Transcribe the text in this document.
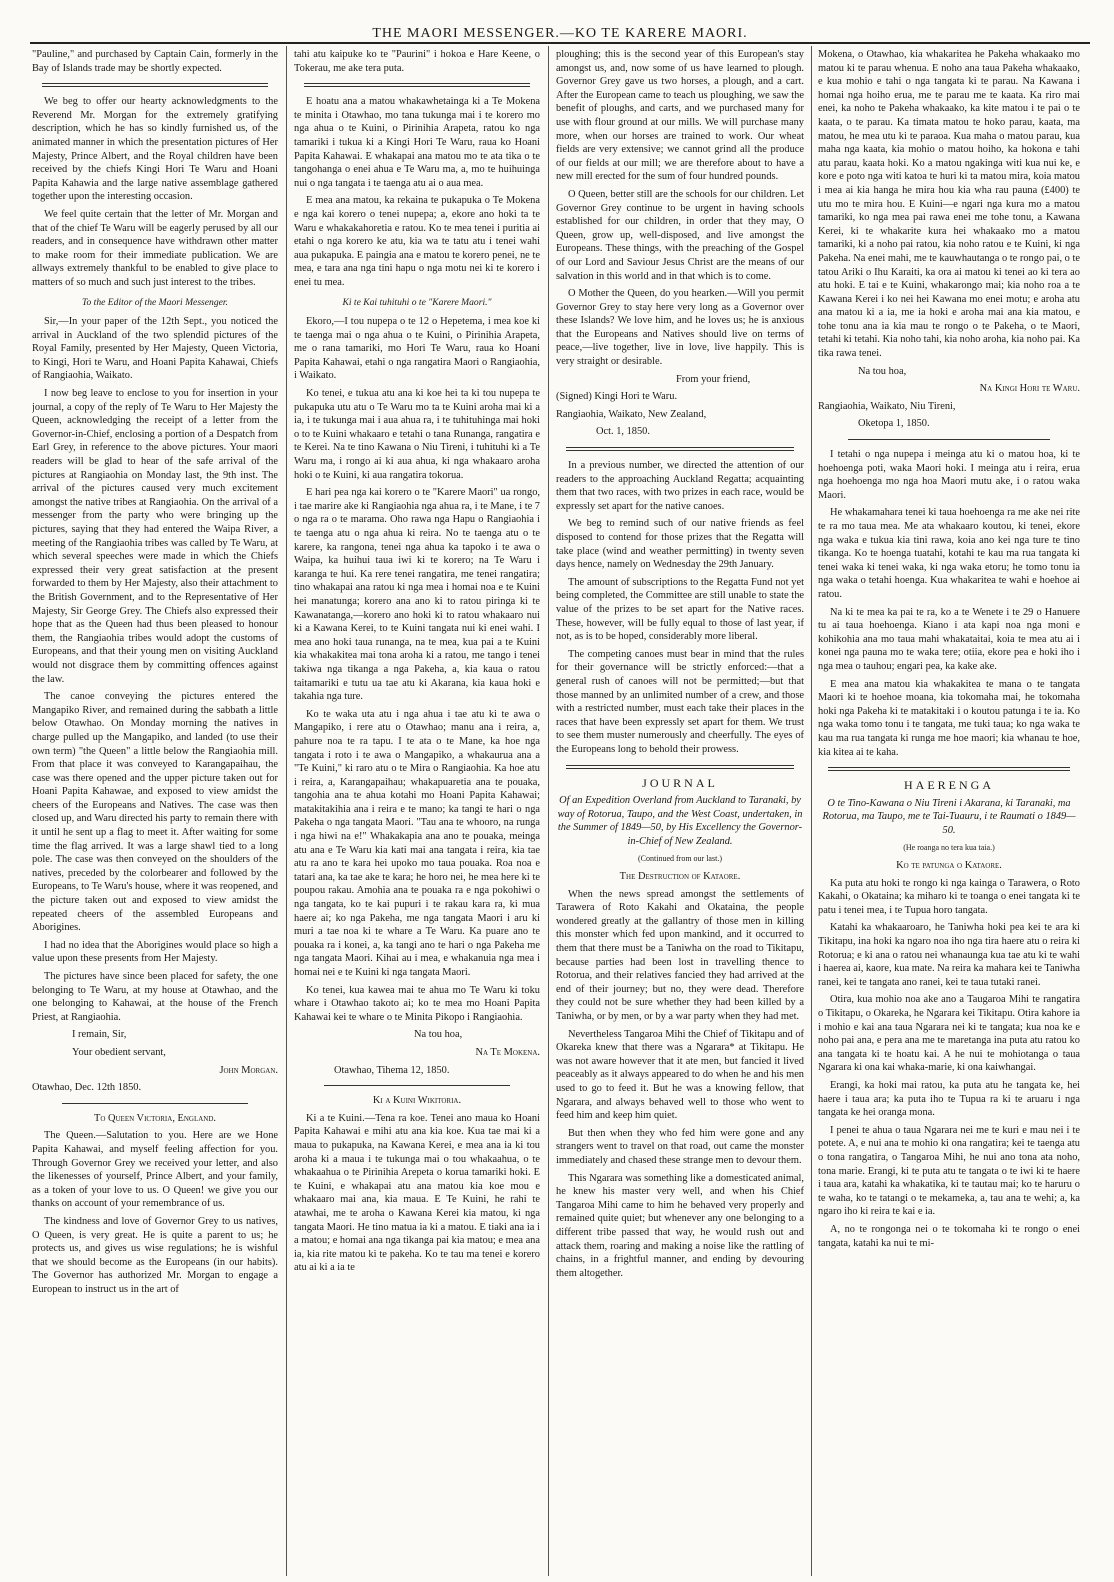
THE MAORI MESSENGER.—KO TE KARERE MAORI.

"Pauline," and purchased by Captain Cain, formerly in the Bay of Islands trade may be shortly expected.

We beg to offer our hearty acknowledgments to the Reverend Mr. Morgan for the extremely gratifying description, which he has so kindly furnished us, of the animated manner in which the presentation pictures of Her Majesty, Prince Albert, and the Royal children have been received by the chiefs Kingi Hori Te Waru and Hoani Papita Kahawia and the large native assemblage gathered together upon the interesting occasion.

We feel quite certain that the letter of Mr. Morgan and that of the chief Te Waru will be eagerly perused by all our readers, and in consequence have withdrawn other matter to make room for their immediate publication. We are allways extremely thankful to be enabled to give place to matters of so much and such just interest to the tribes.

To the Editor of the Maori Messenger.

Sir,—In your paper of the 12th Sept., you noticed the arrival in Auckland of the two splendid pictures of the Royal Family, presented by Her Majesty, Queen Victoria, to Kingi, Hori te Waru, and Hoani Papita Kahawai, Chiefs of Rangiaohia, Waikato.

I now beg leave to enclose to you for insertion in your journal, a copy of the reply of Te Waru to Her Majesty the Queen, acknowledging the receipt of a letter from the Governor-in-Chief, enclosing a portion of a Despatch from Earl Grey, in reference to the above pictures. Your maori readers will be glad to hear of the safe arrival of the pictures at Rangiaohia on Monday last, the 9th inst. The arrival of the pictures caused very much excitement amongst the native tribes at Rangiaohia. On the arrival of a messenger from the party who were bringing up the pictures, saying that they had entered the Waipa River, a meeting of the Rangiaohia tribes was called by Te Waru, at which several speeches were made in which the Chiefs expressed their very great satisfaction at the present forwarded to them by Her Majesty, also their attachment to the British Government, and to the Representative of Her Majesty, Sir George Grey. The Chiefs also expressed their hope that as the Queen had thus been pleased to honour them, the Rangiaohia tribes would adopt the customs of Europeans, and that their young men on visiting Auckland would not disgrace them by committing offences against the law.

The canoe conveying the pictures entered the Mangapiko River, and remained during the sabbath a little below Otawhao. On Monday morning the natives in charge pulled up the Mangapiko, and landed (to use their own term) "the Queen" a little below the Rangiaohia mill. From that place it was conveyed to Karangapaihau, the case was there opened and the upper picture taken out for Hoani Papita Kahawae, and exposed to view amidst the cheers of the Europeans and Natives. The case was then closed up, and Waru directed his party to remain there with it until he sent up a flag to meet it. After waiting for some time the flag arrived. It was a large shawl tied to a long pole. The case was then conveyed on the shoulders of the natives, preceded by the colorbearer and followed by the Europeans, to Te Waru's house, where it was reopened, and the picture taken out and exposed to view amidst the repeated cheers of the assembled Europeans and Aborigines.

I had no idea that the Aborigines would place so high a value upon these presents from Her Majesty.

The pictures have since been placed for safety, the one belonging to Te Waru, at my house at Otawhao, and the one belonging to Kahawai, at the house of the French Priest, at Rangiaohia.

I remain, Sir,

Your obedient servant,

John Morgan.

Otawhao, Dec. 12th 1850.

To Queen Victoria, England.

The Queen.—Salutation to you. Here are we Hone Papita Kahawai, and myself feeling affection for you. Through Governor Grey we received your letter, and also the likenesses of yourself, Prince Albert, and your family, as a token of your love to us. O Queen! we give you our thanks on account of your remembrance of us.

The kindness and love of Governor Grey to us natives, O Queen, is very great. He is quite a parent to us; he protects us, and gives us wise regulations; he is wishful that we should become as the Europeans (in our habits). The Governor has authorized Mr. Morgan to engage a European to instruct us in the art of

tahi atu kaipuke ko te "Paurini" i hokoa e Hare Keene, o Tokerau, me ake tera puta.

E hoatu ana a matou whakawhetainga ki a Te Mokena te minita i Otawhao, mo tana tukunga mai i te korero mo nga ahua o te Kuini, o Pirinihia Arapeta, ratou ko nga tamariki i tukua ki a Kingi Hori Te Waru, raua ko Hoani Papita Kahawai. E whakapai ana matou mo te ata tika o te tangohanga o enei ahua e Te Waru ma, a, mo te huihuinga nui o nga tangata i te taenga atu ai o aua mea.

E mea ana matou, ka rekaina te pukapuka o Te Mokena e nga kai korero o tenei nupepa; a, ekore ano hoki ta te Waru e whakakahoretia e ratou. Ko te mea tenei i puritia ai etahi o nga korero ke atu, kia wa te tatu atu i tenei wahi aua pukapuka. E paingia ana e matou te korero penei, ne te mea, e tara ana nga tini hapu o nga motu nei ki te korero i enei tu mea.

Ki te Kai tuhituhi o te "Karere Maori."

Ekoro,—I tou nupepa o te 12 o Hepetema, i mea koe ki te taenga mai o nga ahua o te Kuini, o Pirinihia Arapeta, me o rana tamariki, mo Hori Te Waru, raua ko Hoani Papita Kahawai, etahi o nga rangatira Maori o Rangiaohia, i Waikato.

Ko tenei, e tukua atu ana ki koe hei ta ki tou nupepa te pukapuka utu atu o Te Waru mo ta te Kuini aroha mai ki a ia, i te tukunga mai i aua ahua ra, i te tuhituhinga mai hoki o to te Kuini whakaaro e tetahi o tana Runanga, rangatira e te Kerei. Na te tino Kawana o Niu Tireni, i tuhituhi ki a Te Waru ma, i rongo ai ki aua ahua, ki nga whakaaro aroha hoki o te Kuini, ki aua rangatira tokorua.

E hari pea nga kai korero o te "Karere Maori" ua rongo, i tae marire ake ki Rangiaohia nga ahua ra, i te Mane, i te 7 o nga ra o te marama. Oho rawa nga Hapu o Rangiaohia i te taenga atu o nga ahua ki reira. No te taenga atu o te karere, ka rangona, tenei nga ahua ka tapoko i te awa o Waipa, ka huihui taua iwi ki te korero; na Te Waru i karanga te hui. Ka rere tenei rangatira, me tenei rangatira; tino whakapai ana ratou ki nga mea i homai noa e te Kuini hei manatunga; korero ana ano ki to ratou piringa ki te Kawanatanga,—korero ano hoki ki to ratou whakaaro nui ki a Kawana Kerei, to te Kuini tangata nui ki enei wahi. I mea ano hoki taua runanga, na te mea, kua pai a te Kuini kia whakakitea mai tona aroha ki a ratou, me tango i tenei takiwa nga tikanga a nga Pakeha, a, kia kaua o ratou taitamariki e tutu ua tae atu ki Akarana, kia kaua hoki e takahia nga ture.

Ko te waka uta atu i nga ahua i tae atu ki te awa o Mangapiko, i rere atu o Otawhao; manu ana i reira, a, pahure noa te ra tapu. I te ata o te Mane, ka hoe nga tangata i roto i te awa o Mangapiko, a whakaurua ana a "Te Kuini," ki raro atu o te Mira o Rangiaohia. Ka hoe atu i reira, a, Karangapaihau; whakapuaretia ana te pouaka, tangohia ana te ahua kotahi mo Hoani Papita Kahawai; matakitakihia ana i reira e te mano; ka tangi te hari o nga Pakeha o nga tangata Maori. "Tau ana te whooro, na runga i nga hiwi na e!" Whakakapia ana ano te pouaka, meinga atu ana e Te Waru kia kati mai ana tangata i reira, kia tae atu ra ano te kara hei upoko mo taua pouaka. Roa noa e tatari ana, ka tae ake te kara; he horo nei, he mea here ki te poupou rakau. Amohia ana te pouaka ra e nga pokohiwi o nga tangata, ko te kai pupuri i te rakau kara ra, ki mua haere ai; ko nga Pakeha, me nga tangata Maori i aru ki muri a tae noa ki te whare a Te Waru. Ka puare ano te pouaka ra i konei, a, ka tangi ano te hari o nga Pakeha me nga tangata Maori. Kihai au i mea, e whakanuia nga mea i homai nei e te Kuini ki nga tangata Maori.

Ko tenei, kua kawea mai te ahua mo Te Waru ki toku whare i Otawhao takoto ai; ko te mea mo Hoani Papita Kahawai kei te whare o te Minita Pikopo i Rangiaohia.

Na tou hoa,

Na Te Mokena.

Otawhao, Tihema 12, 1850.

Ki a Kuini Wikitoria.

Ki a te Kuini.—Tena ra koe. Tenei ano maua ko Hoani Papita Kahawai e mihi atu ana kia koe. Kua tae mai ki a maua to pukapuka, na Kawana Kerei, e mea ana ia ki tou aroha ki a maua i te tukunga mai o tou whakaahua, o te whakaahua o te Pirinihia Arepeta o korua tamariki hoki. E te Kuini, e whakapai atu ana matou kia koe mou e whakaaro mai ana, kia maua. E Te Kuini, he rahi te atawhai, me te aroha o Kawana Kerei kia matou, ki nga tangata Maori. He tino matua ia ki a matou. E tiaki ana ia i a matou; e homai ana nga tikanga pai kia matou; e mea ana ia, kia rite matou ki te pakeha. Ko te tau ma tenei e korero atu ai ki a ia te

ploughing; this is the second year of this European's stay amongst us, and, now some of us have learned to plough. Governor Grey gave us two horses, a plough, and a cart. After the European came to teach us ploughing, we saw the benefit of ploughs, and carts, and we purchased many for use with flour ground at our mills. We will purchase many more, when our horses are trained to work. Our wheat fields are very extensive; we cannot grind all the produce of our fields at our mill; we are therefore about to have a new mill erected for the sum of four hundred pounds.

O Queen, better still are the schools for our children. Let Governor Grey continue to be urgent in having schools established for our children, in order that they may, O Queen, grow up, well-disposed, and live amongst the Europeans. These things, with the preaching of the Gospel of our Lord and Saviour Jesus Christ are the means of our salvation in this world and in that which is to come.

O Mother the Queen, do you hearken.—Will you permit Governor Grey to stay here very long as a Governor over these Islands? We love him, and he loves us; he is anxious that the Europeans and Natives should live on terms of peace,—live together, live in love, live happily. This is very straight or desirable.

From your friend,

(Signed) Kingi Hori te Waru.

Rangiaohia, Waikato, New Zealand,

Oct. 1, 1850.

In a previous number, we directed the attention of our readers to the approaching Auckland Regatta; acquainting them that two races, with two prizes in each race, would be expressly set apart for the native canoes.

We beg to remind such of our native friends as feel disposed to contend for those prizes that the Regatta will take place (wind and weather permitting) in twenty seven days hence, namely on Wednesday the 29th January.

The amount of subscriptions to the Regatta Fund not yet being completed, the Committee are still unable to state the value of the prizes to be set apart for the Native races. These, however, will be fully equal to those of last year, if not, as is to be hoped, considerably more liberal.

The competing canoes must bear in mind that the rules for their governance will be strictly enforced:—that a general rush of canoes will not be permitted;—but that those manned by an unlimited number of a crew, and those with a restricted number, must each take their places in the races that have been expressly set apart for them. We trust to see them muster numerously and cheerfully. The eyes of the Europeans long to behold their prowess.

JOURNAL
Of an Expedition Overland from Auckland to Taranaki, by way of Rotorua, Taupo, and the West Coast, undertaken, in the Summer of 1849—50, by His Excellency the Governor-in-Chief of New Zealand.
(Continued from our last.)

The Destruction of Kataore.

When the news spread amongst the settlements of Tarawera of Roto Kakahi and Okataina, the people wondered greatly at the gallantry of those men in killing this monster which fed upon mankind, and it occurred to them that there must be a Taniwha on the road to Tikitapu, because parties had been lost in travelling thence to Rotorua, and their relatives fancied they had arrived at the end of their journey; but no, they were dead. Therefore they could not be sure whether they had been killed by a Taniwha, or by men, or by a war party when they had met.

Nevertheless Tangaroa Mihi the Chief of Tikitapu and of Okareka knew that there was a Ngarara* at Tikitapu. He was not aware however that it ate men, but fancied it lived peaceably as it always appeared to do when he and his men used to go to feed it. But he was a knowing fellow, that Ngarara, and always behaved well to those who went to feed him and keep him quiet.

But then when they who fed him were gone and any strangers went to travel on that road, out came the monster immediately and chased these strange men to devour them.

This Ngarara was something like a domesticated animal, he knew his master very well, and when his Chief Tangaroa Mihi came to him he behaved very properly and remained quite quiet; but whenever any one belonging to a different tribe passed that way, he would rush out and attack them, roaring and making a noise like the rattling of chains, in a frightful manner, and ending by devouring them altogether.

Mokena, o Otawhao, kia whakaritea he Pakeha whakaako mo matou ki te parau whenua. E noho ana taua Pakeha whakaako, e kua mohio e tahi o nga tangata ki te parau. Na Kawana i homai nga hoiho erua, me te parau me te kaata. Ka riro mai enei, ka noho te Pakeha whakaako, ka kite matou i te pai o te kaata, o te parau. Ka timata matou te hoko parau, kaata, ma matou, he mea utu ki te paraoa. Kua maha o matou parau, kua maha nga kaata, kia mohio o matou hoiho, ka hokona e tahi atu parau, kaata hoki. Ko a matou ngakinga witi kua nui ke, e kore e poto nga witi katoa te huri ki ta matou mira, koia matou i mea ai kia hanga he mira hou kia wha rau pauna (£400) te utu mo te mira hou. E Kuini—e ngari nga kura mo a matou tamariki, ko nga mea pai rawa enei me tohe tonu, a Kawana Kerei, ki te whakarite kura hei whakaako mo a matou tamariki, ki a noho pai ratou, kia noho ratou e te Kuini, ki nga Pakeha. Na enei mahi, me te kauwhautanga o te rongo pai, o te tatou Ariki o Ihu Karaiti, ka ora ai matou ki tenei ao ki tera ao atu hoki. E tai e te Kuini, whakarongo mai; kia noho roa a te Kawana Kerei i ko nei hei Kawana mo enei motu; e aroha atu ana matou ki a ia, me ia hoki e aroha mai ana kia matou, e tohe tonu ana ia kia mau te rongo o te Pakeha, o te Maori, tetahi ki tetahi. Kia noho tahi, kia noho aroha, kia noho pai. Ka tika rawa tenei.

Na tou hoa,

Na Kingi Hori te Waru.

Rangiaohia, Waikato, Niu Tireni,

Oketopa 1, 1850.

I tetahi o nga nupepa i meinga atu ki o matou hoa, ki te hoehoenga poti, waka Maori hoki. I meinga atu i reira, erua nga hoehoenga mo nga hoa Maori mutu ake, i o ratou waka Maori.

He whakamahara tenei ki taua hoehoenga ra me ake nei rite te ra mo taua mea. Me ata whakaaro koutou, ki tenei, ekore nga waka e tukua kia tini rawa, koia ano kei nga ture te tino tikanga. Ko te hoenga tuatahi, kotahi te kau ma rua tangata ki tenei waka ki tenei waka, ki nga waka etoru; he tomo tonu ia nga waka o tetahi hoenga. Kua whakaritea te wahi e hoehoe ai ratou.

Na ki te mea ka pai te ra, ko a te Wenete i te 29 o Hanuere tu ai taua hoehoenga. Kiano i ata kapi noa nga moni e kohikohia ana mo taua mahi whakataitai, koia te mea atu ai i konei nga pauna mo te waka tere; otiia, ekore pea e hoki iho i nga mea o tauhou; engari pea, ka kake ake.

E mea ana matou kia whakakitea te mana o te tangata Maori ki te hoehoe moana, kia tokomaha mai, he tokomaha hoki nga Pakeha ki te matakitaki i o koutou patunga i te ia. Ko nga waka tomo tonu i te tangata, me tuki taua; ko nga waka te kau ma rua tangata ki runga me hoe maori; kia whanau te hoe, kia kitea ai te kaha.

HAERENGA
O te Tino-Kawana o Niu Tireni i Akarana, ki Taranaki, ma Rotorua, ma Taupo, me te Tai-Tuauru, i te Raumati o 1849—50.
(He roanga no tera kua taia.)

Ko te patunga o Kataore.

Ka puta atu hoki te rongo ki nga kainga o Tarawera, o Roto Kakahi, o Okataina; ka miharo ki te toanga o enei tangata ki te patu i tenei mea, i te Tupua horo tangata.

Katahi ka whakaaroaro, he Taniwha hoki pea kei te ara ki Tikitapu, ina hoki ka ngaro noa iho nga tira haere atu o reira ki Rotorua; e ki ana o ratou nei whanaunga kua tae atu ki te wahi i haerea ai, kaore, kua mate. Na reira ka mahara kei te Taniwha ranei, kei te tangata ano ranei, kei te taua tutaki ranei.

Otira, kua mohio noa ake ano a Taugaroa Mihi te rangatira o Tikitapu, o Okareka, he Ngarara kei Tikitapu. Otira kahore ia i mohio e kai ana taua Ngarara nei ki te tangata; kua noa ke e noho pai ana, e pera ana me te maretanga ina puta atu ratou ko ana tangata ki te hoatu kai. A he nui te mohiotanga o taua Ngarara ki ona kai whaka-marie, ki ona kaiwhangai.

Erangi, ka hoki mai ratou, ka puta atu he tangata ke, hei haere i taua ara; ka puta iho te Tupua ra ki te aruaru i nga tangata ke hei oranga mona.

I penei te ahua o taua Ngarara nei me te kuri e mau nei i te potete. A, e nui ana te mohio ki ona rangatira; kei te taenga atu o tona rangatira, o Tangaroa Mihi, he nui ano tona ata noho, tona marie. Erangi, ki te puta atu te tangata o te iwi ki te haere i taua ara, katahi ka whakatika, ki te tautau mai; ko te haruru o te waha, ko te tatangi o te mekameka, a, tau ana te wehi; a, ka ngaro iho ki reira te kai e ia.

A, no te rongonga nei o te tokomaha ki te rongo o enei tangata, katahi ka nui te mi-
